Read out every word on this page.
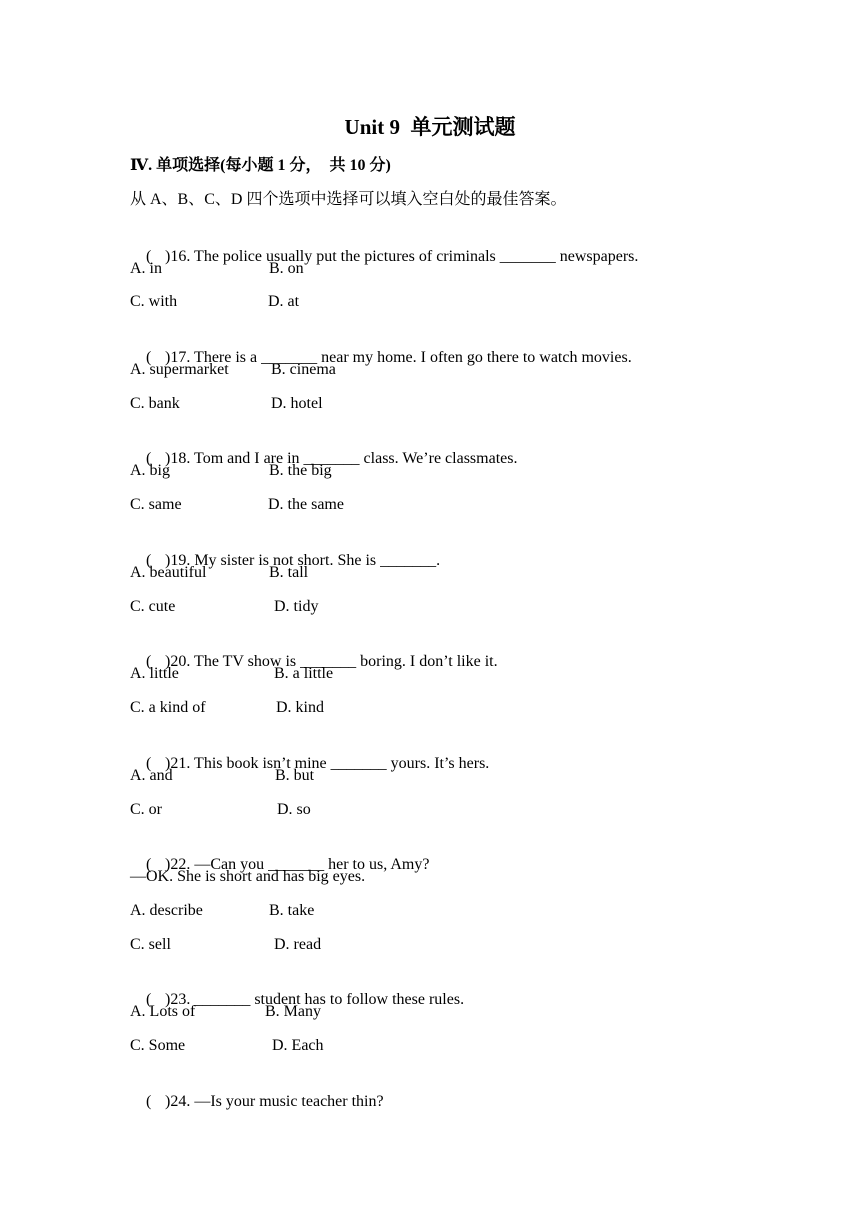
Unit 9  单元测试题
Ⅳ. 单项选择(每小题 1 分，  共 10 分)
从 A、B、C、D 四个选项中选择可以填入空白处的最佳答案。

( )16. The police usually put the pictures of criminals _______ newspapers.

A. in

	B. on

C. with

	D. at

( )17. There is a _______ near my home. I often go there to watch movies.

A. supermarket

	B. cinema

C. bank

	D. hotel

( )18. Tom and I are in _______ class. We’re classmates.

A. big

	B. the big

C. same

	D. the same

( )19. My sister is not short. She is _______.

A. beautiful

	B. tall

C. cute

	D. tidy

( )20. The TV show is _______ boring. I don’t like it.

A. little

	B. a little

C. a kind of

	D. kind

( )21. This book isn’t mine _______ yours. It’s hers.

A. and

	B. but

C. or

	D. so

( )22. —Can you _______ her to us, Amy?

—OK. She is short and has big eyes.

A. describe

	B. take

C. sell

	D. read

( )23. _______ student has to follow these rules.

A. Lots of

	B. Many

C. Some

	D. Each

( )24. —Is your music teacher thin?
